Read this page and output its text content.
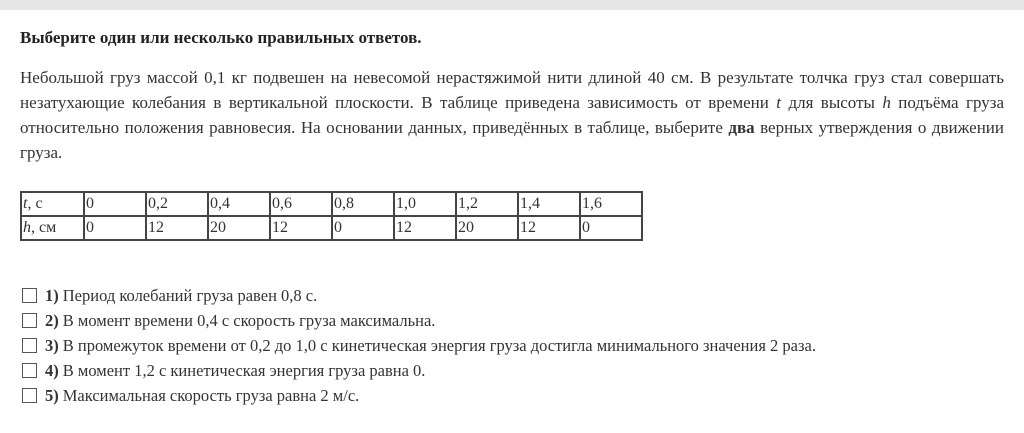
Выберите один или несколько правильных ответов.

Небольшой груз массой 0,1 кг подвешен на невесомой нерастяжимой нити длиной 40 см. В результате толчка груз стал совершать незатухающие колебания в вертикальной плоскости. В таблице приведена зависимость от времени t для высоты h подъёма груза относительно положения равновесия. На основании данных, приведённых в таблице, выберите два верных утверждения о движении груза.

t, с	0	0,2	0,4	0,6	0,8	1,0	1,2	1,4	1,6
h, см	0	12	20	12	0	12	20	12	0
1) Период колебаний груза равен 0,8 с.
2) В момент времени 0,4 с скорость груза максимальна.
3) В промежуток времени от 0,2 до 1,0 с кинетическая энергия груза достигла минимального значения 2 раза.
4) В момент 1,2 с кинетическая энергия груза равна 0.
5) Максимальная скорость груза равна 2 м/с.
